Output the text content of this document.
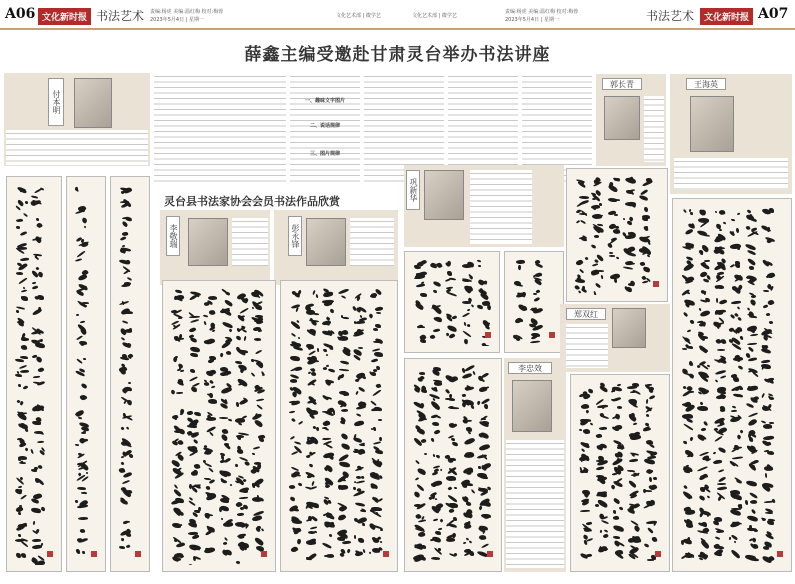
A06 文化新时报 书法艺术 责编:杨虎 美编:温红梅 校对:梅蓉
2023年5月4日 | 星期一
文化艺术部 | 微学艺	文化艺术部 | 微学艺
责编:杨虎 美编:温红梅 校对:梅蓉
2023年5月4日 | 星期一	书法艺术	文化新时报 A07
薛鑫主编受邀赴甘肃灵台举办书法讲座
付本明	一、趣味文字图片
二、说话规律
三、图片规律
灵台县书法家协会会员书法作品欣赏
李敬瑞	彭永锋
巩新华
郭长青	王海英
郑双红
李忠效
